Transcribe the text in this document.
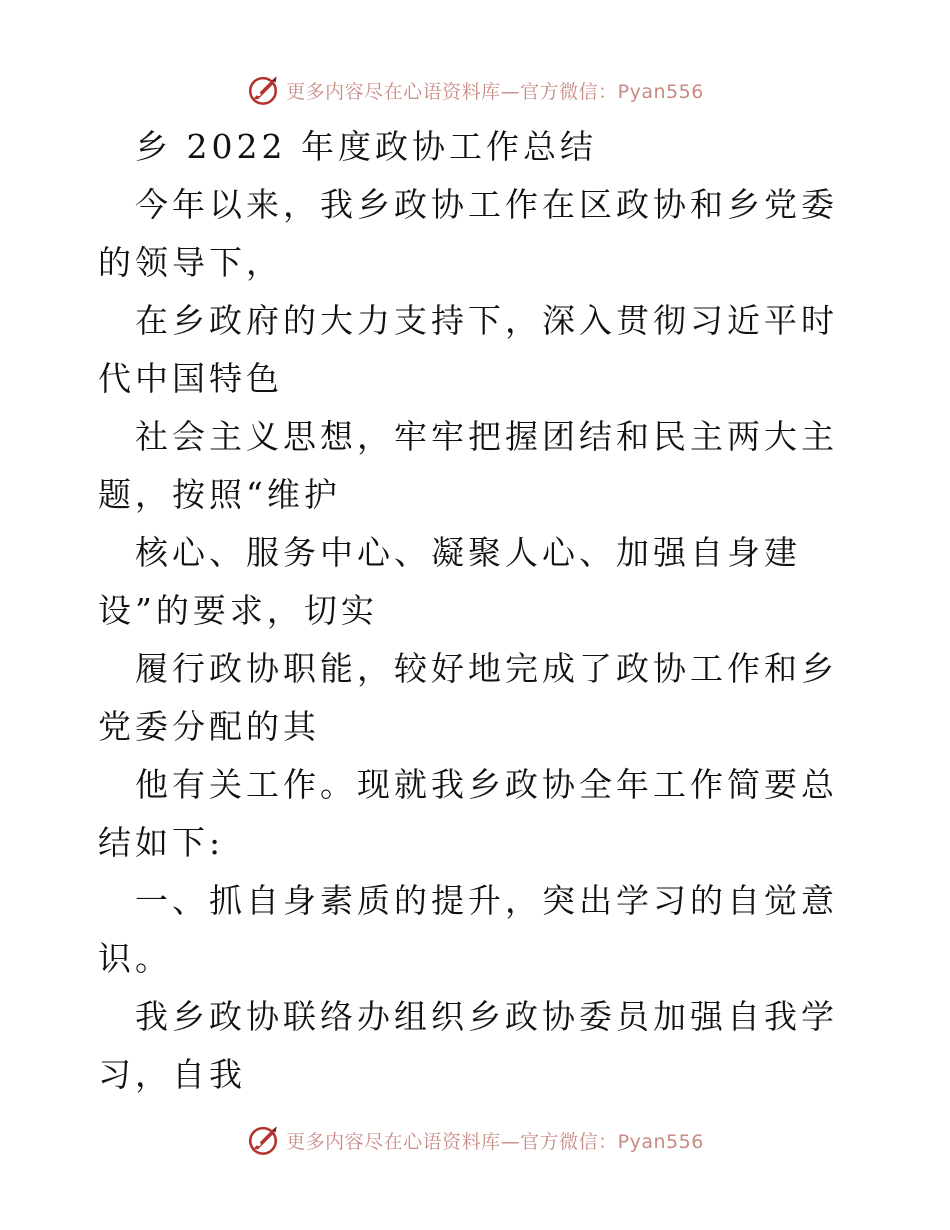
更多内容尽在心语资料库—官方微信：Pyan556

乡 2022 年度政协工作总结

今年以来，我乡政协工作在区政协和乡党委的领导下，

在乡政府的大力支持下，深入贯彻习近平时代中国特色

社会主义思想，牢牢把握团结和民主两大主题，按照“维护

核心、服务中心、凝聚人心、加强自身建设”的要求，切实

履行政协职能，较好地完成了政协工作和乡党委分配的其

他有关工作。现就我乡政协全年工作简要总结如下:

一、抓自身素质的提升，突出学习的自觉意识。

我乡政协联络办组织乡政协委员加强自我学习，自我

更多内容尽在心语资料库—官方微信：Pyan556
